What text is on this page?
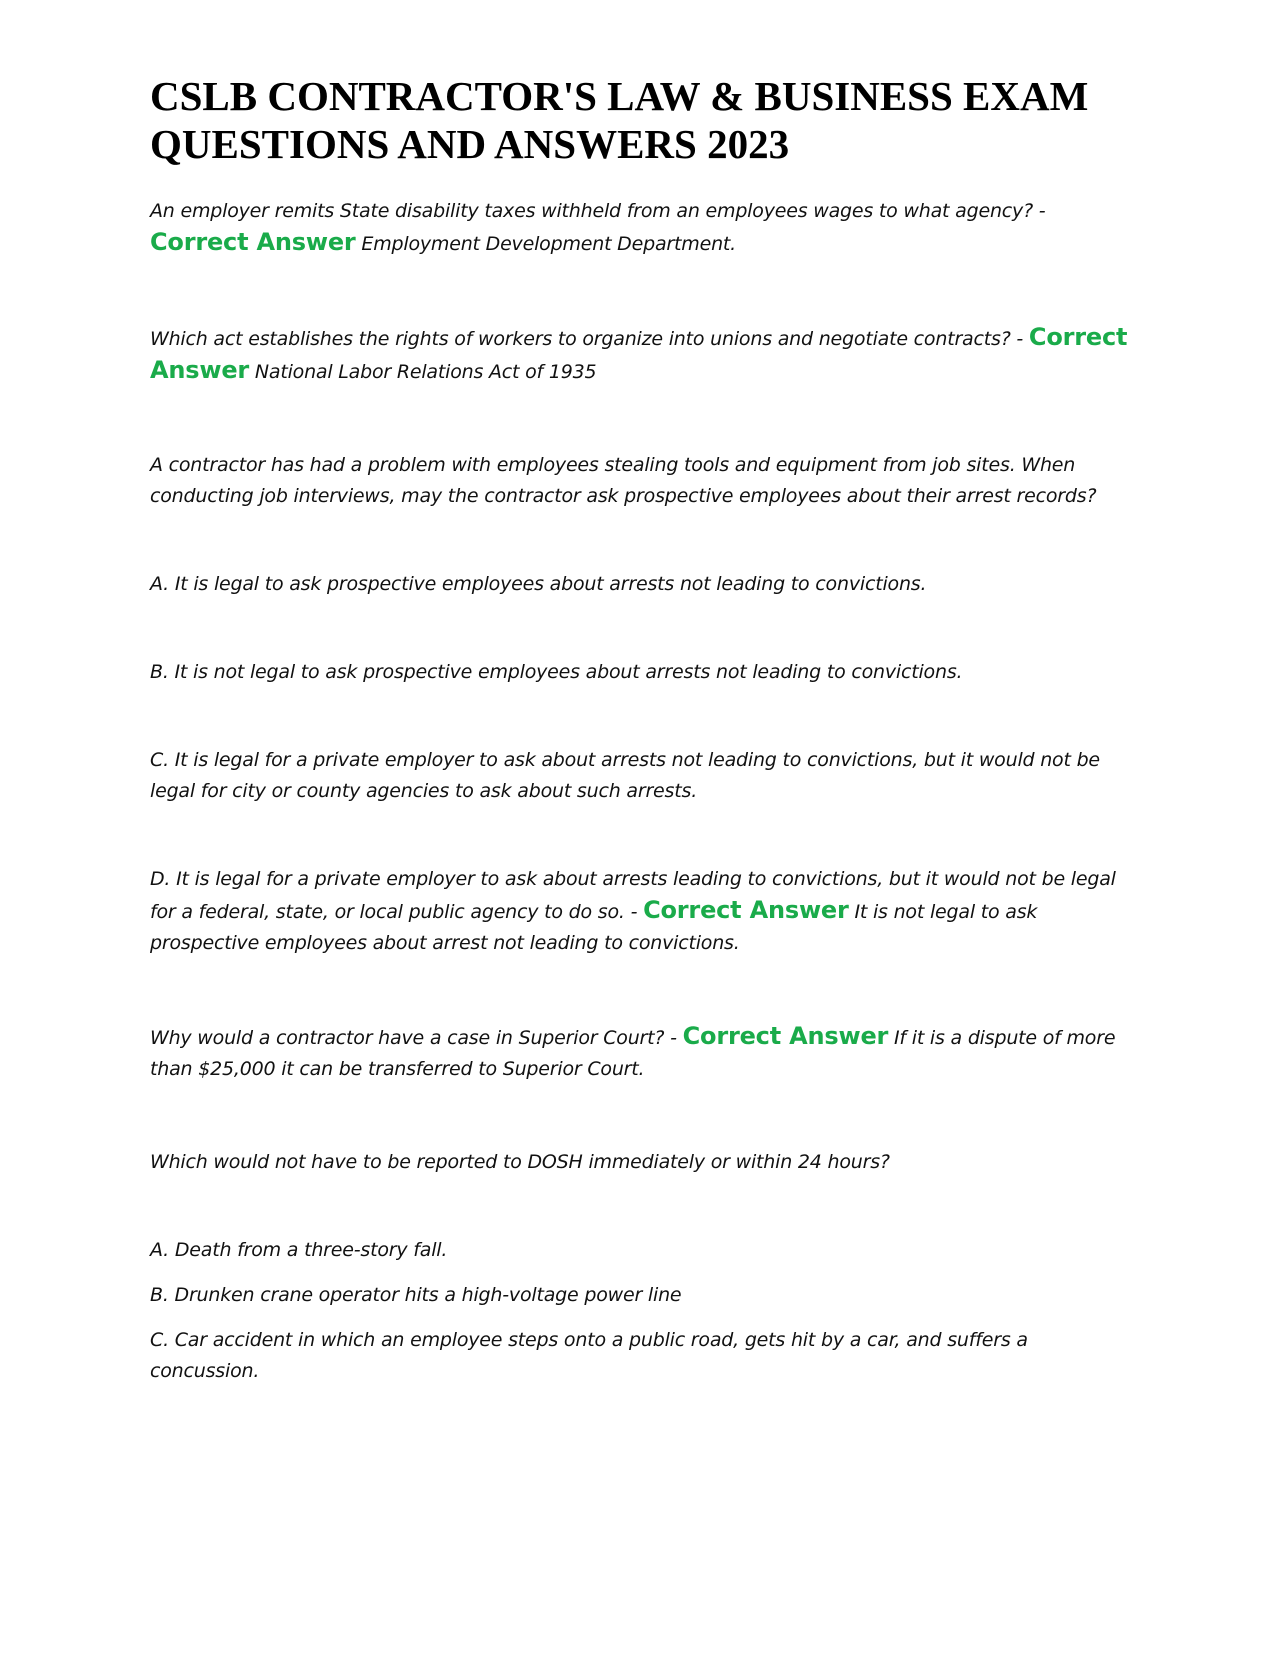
CSLB CONTRACTOR'S LAW & BUSINESS EXAM QUESTIONS AND ANSWERS 2023

An employer remits State disability taxes withheld from an employees wages to what agency? - Correct Answer Employment Development Department.

Which act establishes the rights of workers to organize into unions and negotiate contracts? - Correct Answer National Labor Relations Act of 1935

A contractor has had a problem with employees stealing tools and equipment from job sites. When conducting job interviews, may the contractor ask prospective employees about their arrest records?

A. It is legal to ask prospective employees about arrests not leading to convictions.

B. It is not legal to ask prospective employees about arrests not leading to convictions.

C. It is legal for a private employer to ask about arrests not leading to convictions, but it would not be legal for city or county agencies to ask about such arrests.

D. It is legal for a private employer to ask about arrests leading to convictions, but it would not be legal for a federal, state, or local public agency to do so. - Correct Answer It is not legal to ask prospective employees about arrest not leading to convictions.

Why would a contractor have a case in Superior Court? - Correct Answer If it is a dispute of more than $25,000 it can be transferred to Superior Court.

Which would not have to be reported to DOSH immediately or within 24 hours?

A. Death from a three-story fall.

B. Drunken crane operator hits a high-voltage power line

C. Car accident in which an employee steps onto a public road, gets hit by a car, and suffers a concussion.
